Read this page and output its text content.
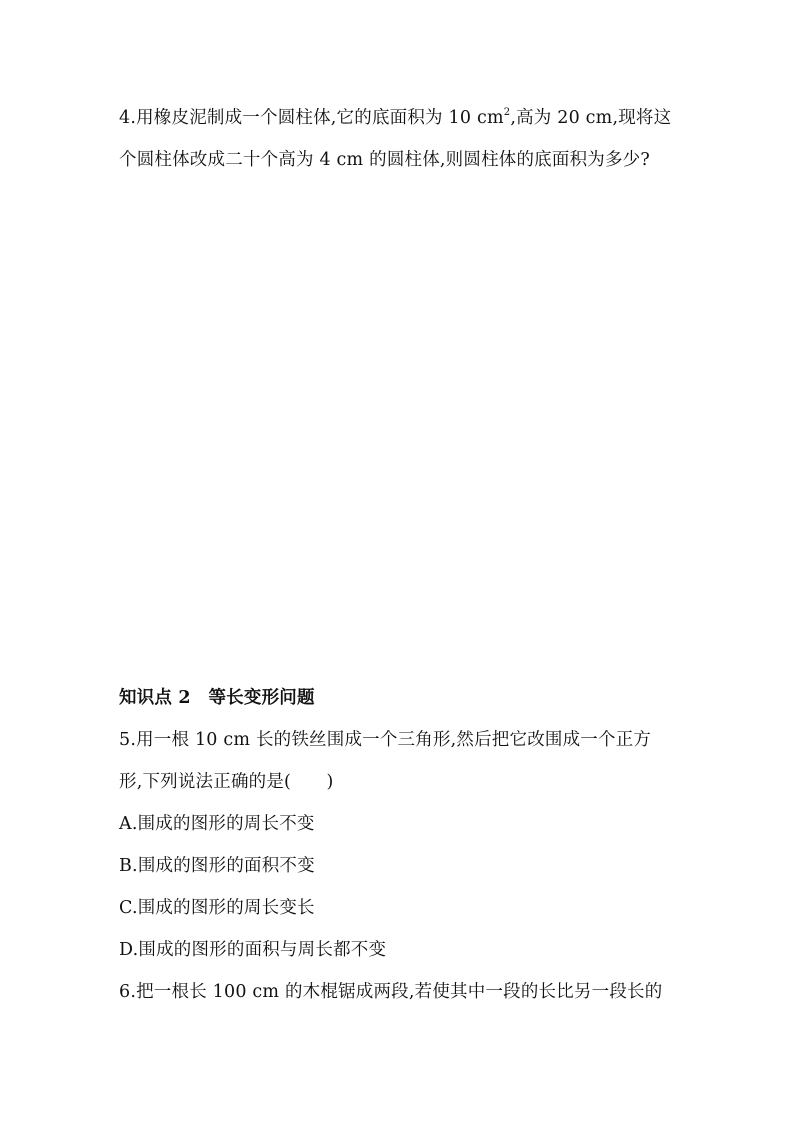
4.用橡皮泥制成一个圆柱体,它的底面积为 10 $cm^2$,高为 20 cm,现将这
个圆柱体改成二十个高为 4 cm 的圆柱体,则圆柱体的底面积为多少?
知识点 2　等长变形问题
5.用一根 10 cm 长的铁丝围成一个三角形,然后把它改围成一个正方
形,下列说法正确的是(　　)
A.围成的图形的周长不变
B.围成的图形的面积不变
C.围成的图形的周长变长
D.围成的图形的面积与周长都不变
6.把一根长 100 cm 的木棍锯成两段,若使其中一段的长比另一段长的
